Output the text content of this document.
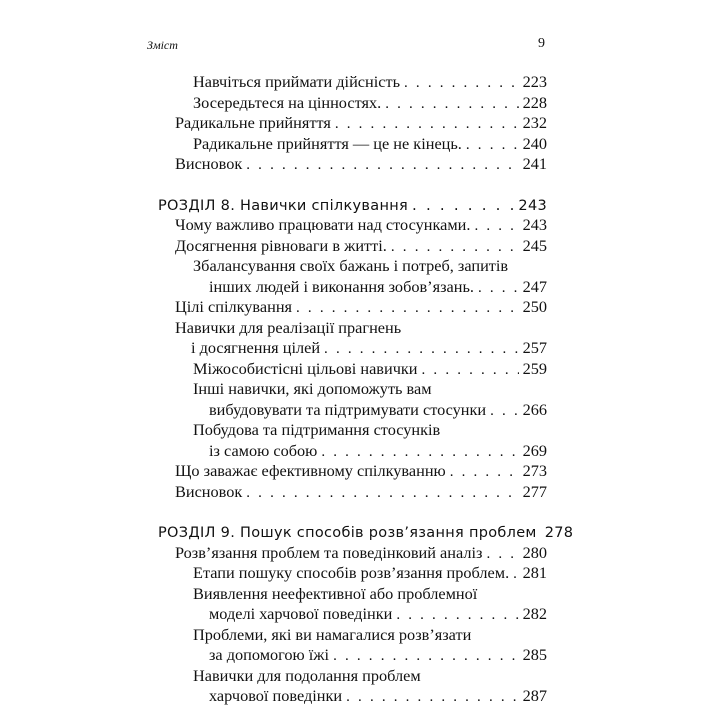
Зміст	9
Навчіться приймати дійсність . . .	223
Зосередьтеся на цінностях. . . .	228
Радикальне прийняття . . .	232
Радикальне прийняття — це не кінець. . . .	240
Висновок . . .	241
РОЗДІЛ 8. Навички спілкування . . .	243
Чому важливо працювати над стосунками. . . .	243
Досягнення рівноваги в житті. . . .	245
Збалансування своїх бажань і потреб, запитів
інших людей і виконання зобов’язань. . . .	247
Цілі спілкування . . .	250
Навички для реалізації прагнень
і досягнення цілей . . .	257
Міжособистісні цільові навички . . .	259
Інші навички, які допоможуть вам
вибудовувати та підтримувати стосунки . . . 266
Побудова та підтримання стосунків
із самою собою . . .	269
Що заважає ефективному спілкуванню . . .	273
Висновок . . .	277
РОЗДІЛ 9. Пошук способів розв’язання проблем 278
Розв’язання проблем та поведінковий аналіз . . . 280
Етапи пошуку способів розв’язання проблем. . . . 281
Виявлення неефективної або проблемної
моделі харчової поведінки . . .	282
Проблеми, які ви намагалися розв’язати
за допомогою їжі . . .	285
Навички для подолання проблем
харчової поведінки . . .	287
